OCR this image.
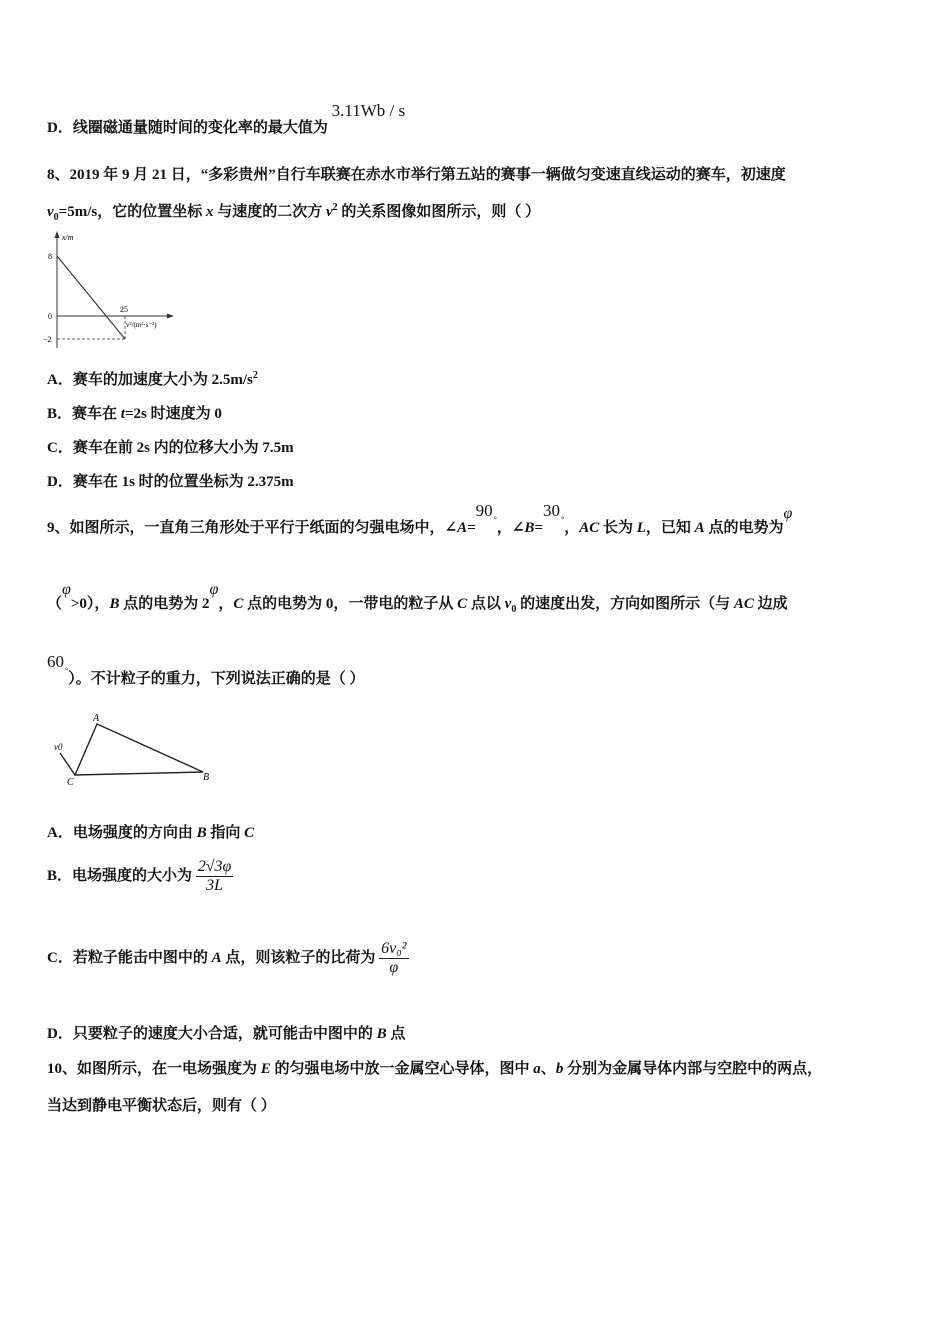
D．线圈磁通量随时间的变化率的最大值为 3.11Wb / s
8、2019 年 9 月 21 日，“多彩贵州”自行车联赛在赤水市举行第五站的赛事一辆做匀变速直线运动的赛车，初速度
$v_0=5m/s$，它的位置坐标 x 与速度的二次方 $v^2$ 的关系图像如图所示，则（ ）
x/m
8
0
−2
25
v²/(m²·s⁻²)
A．赛车的加速度大小为 $2.5m/s^2$
B．赛车在 t=2s 时速度为 0
C．赛车在前 2s 内的位移大小为 7.5m
D．赛车在 1s 时的位置坐标为 2.375m
9、如图所示，一直角三角形处于平行于纸面的匀强电场中，∠A=90°，∠B=30°，AC 长为 L，已知 A 点的电势为φ
（φ>0），B 点的电势为 2φ，C 点的电势为 0，一带电的粒子从 C 点以 $v_0$ 的速度出发，方向如图所示（与 AC 边成
60°）。不计粒子的重力，下列说法正确的是（ ）
A
C	B
v0
A．电场强度的方向由 B 指向 C
B．电场强度的大小为 $\frac{2√3\varphi}{3L}$
C．若粒子能击中图中的 A 点，则该粒子的比荷为 $\frac{\text{6v₀²}}{\varphi}$
D．只要粒子的速度大小合适，就可能击中图中的 B 点
10、如图所示，在一电场强度为 E 的匀强电场中放一金属空心导体，图中 a、b 分别为金属导体内部与空腔中的两点，
当达到静电平衡状态后，则有（ ）
